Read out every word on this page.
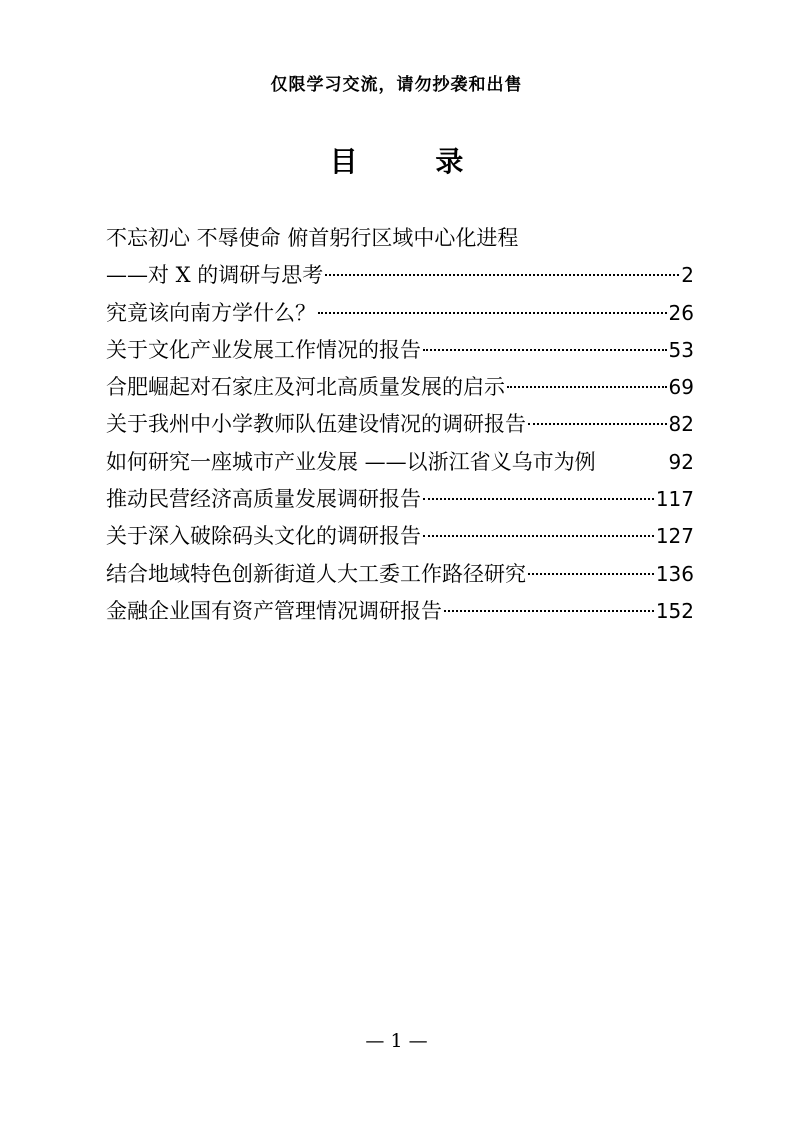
仅限学习交流，请勿抄袭和出售
目 录
不忘初心 不辱使命 俯首躬行区域中心化进程
——对 X 的调研与思考	2
究竟该向南方学什么？	26
关于文化产业发展工作情况的报告	53
合肥崛起对石家庄及河北高质量发展的启示	69
关于我州中小学教师队伍建设情况的调研报告	82
如何研究一座城市产业发展 ——以浙江省义乌市为例	92
推动民营经济高质量发展调研报告	117
关于深入破除码头文化的调研报告	127
结合地域特色创新街道人大工委工作路径研究	136
金融企业国有资产管理情况调研报告	152
— 1 —
